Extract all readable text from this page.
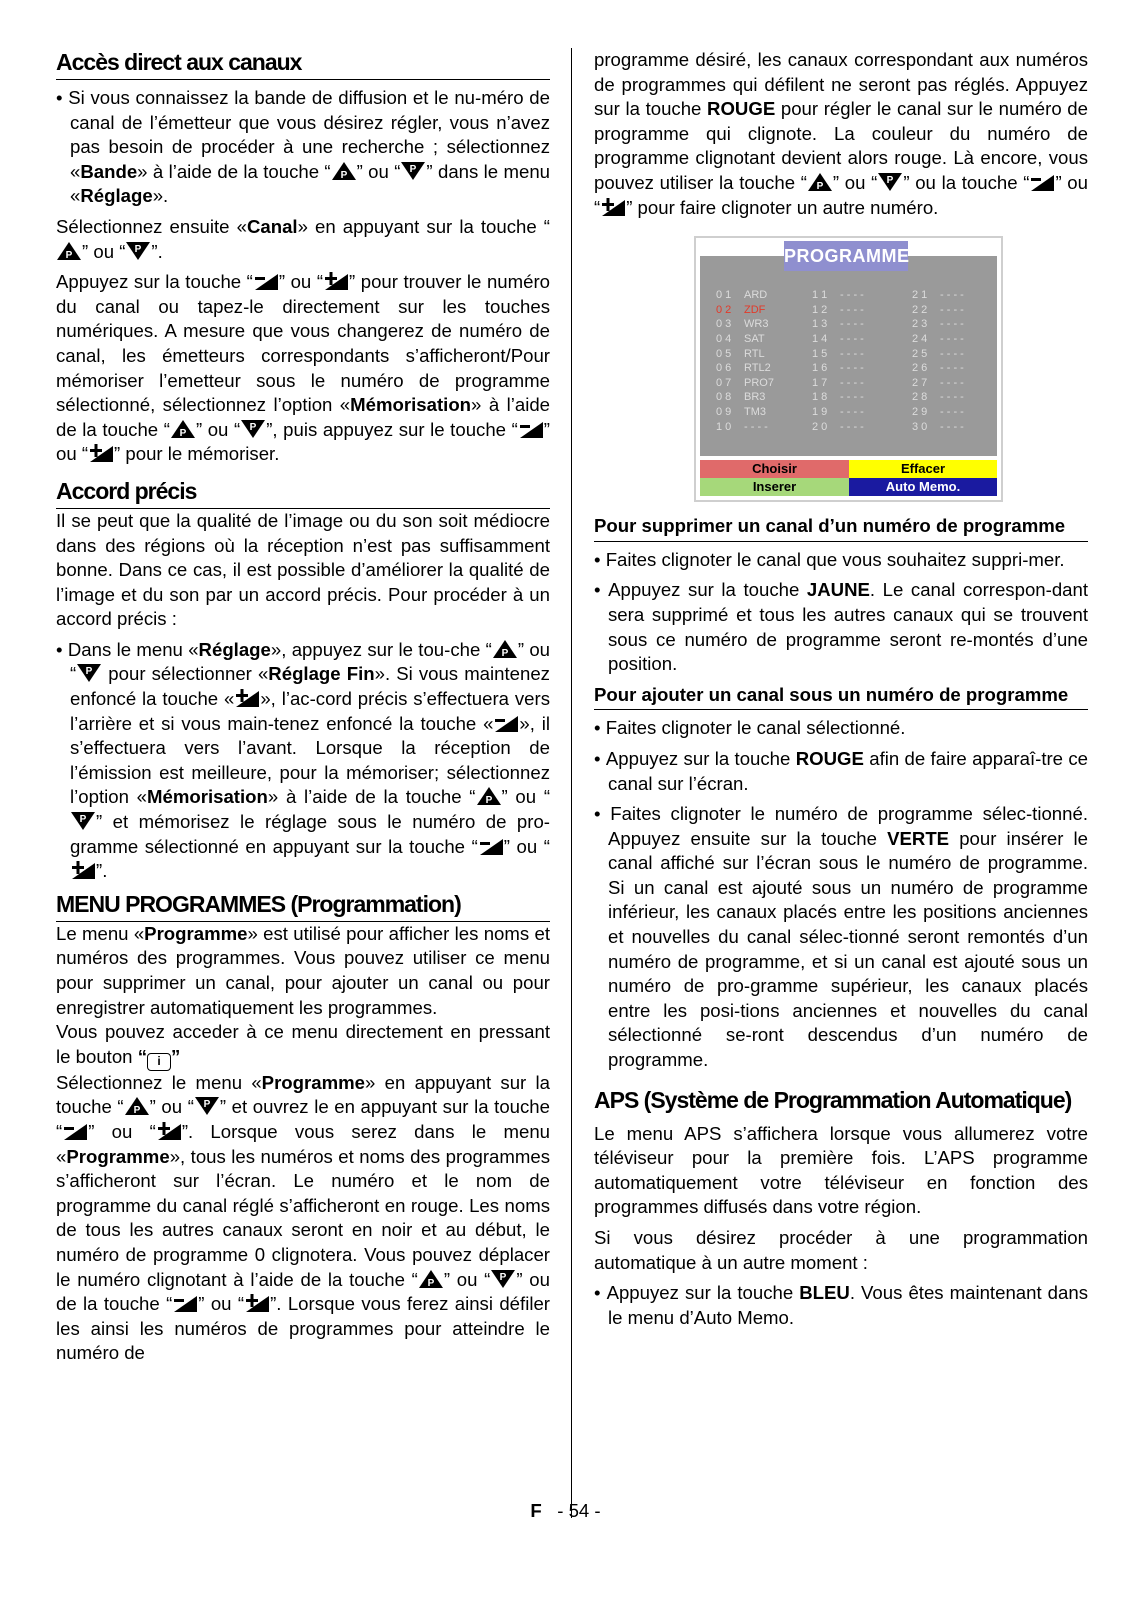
Accès direct aux canaux

• Si vous connaissez la bande de diffusion et le nu-méro de canal de l’émetteur que vous désirez régler, vous n’avez pas besoin de procéder à une recherche ; sélectionnez «Bande» à l’aide de la touche “ ” ou “ ” dans le menu «Réglage».

Sélectionnez ensuite «Canal» en appuyant sur la touche “
” ou “ ”.

Appuyez sur la touche “ ” ou “ ” pour trouver le numéro du canal ou tapez-le directement sur les touches numériques. A mesure que vous changerez de numéro de canal, les émetteurs correspondants s’afficheront/Pour mémoriser l’emetteur sous le numéro de programme sélectionné, sélectionnez l’option «Mémorisation» à l’aide de la touche “ ” ou “ ”, puis appuyez sur le touche “ ” ou “ ” pour le mémoriser.

Accord précis

Il se peut que la qualité de l’image ou du son soit médiocre dans des régions où la réception n’est pas suffisamment bonne. Dans ce cas, il est possible d’améliorer la qualité de l’image et du son par un accord précis. Pour procéder à un accord précis :

• Dans le menu «Réglage», appuyez sur le tou-che “ ” ou “
pour sélectionner «Réglage Fin». Si vous maintenez enfoncé la touche « », l’ac-cord précis s’effectuera vers l’arrière et si vous main-tenez enfoncé la touche « », il s’effectuera vers l’avant. Lorsque la réception de l’émission est meilleure, pour la mémoriser; sélectionnez l’option «Mémorisation» à l’aide de la touche “ ” ou “
” et mémorisez le réglage sous le numéro de pro-gramme sélectionné en appuyant sur la touche “ ” ou “
”.

MENU PROGRAMMES (Programmation)

Le menu «Programme» est utilisé pour afficher les noms et numéros des programmes. Vous pouvez utiliser ce menu pour supprimer un canal, pour ajouter un canal ou pour enregistrer automatiquement les programmes.

Vous pouvez acceder à ce menu directement en pressant le bouton “ i ”

Sélectionnez le menu «Programme» en appuyant sur la touche “ ” ou “ ” et ouvrez le en appuyant sur la touche “ ” ou “ ”. Lorsque vous serez dans le menu «Programme», tous les numéros et noms des programmes s’afficheront sur l’écran. Le numéro et le nom de programme du canal réglé s’afficheront en rouge. Les noms de tous les autres canaux seront en noir et au début, le numéro de programme 0 clignotera. Vous pouvez déplacer le numéro clignotant à l’aide de la touche “ ” ou “ ” ou de la touche “ ” ou “ ”. Lorsque vous ferez ainsi défiler les ainsi les numéros de programmes pour atteindre le numéro de

programme désiré, les canaux correspondant aux numéros de programmes qui défilent ne seront pas réglés. Appuyez sur la touche ROUGE pour régler le canal sur le numéro de programme qui clignote. La couleur du numéro de programme clignotant devient alors rouge. Là encore, vous pouvez utiliser la touche “ ” ou “ ” ou la touche “ ” ou “ ” pour faire clignoter un autre numéro.

PROGRAMME
0 1
0 2
0 3
0 4
0 5
0 6
0 7
0 8
0 9
1 0
ARD
ZDF
WR3
SAT
RTL
RTL2
PRO7
BR3
TM3
- - - -
1 1
1 2
1 3
1 4
1 5
1 6
1 7
1 8
1 9
2 0
- - - -
- - - -
- - - -
- - - -
- - - -
- - - -
- - - -
- - - -
- - - -
- - - -
2 1
2 2
2 3
2 4
2 5
2 6
2 7
2 8
2 9
3 0
- - - -
- - - -
- - - -
- - - -
- - - -
- - - -
- - - -
- - - -
- - - -
- - - -
Choisir	Effacer
Inserer	Auto Memo.
Pour supprimer un canal d’un numéro de programme

• Faites clignoter le canal que vous souhaitez suppri-mer.

• Appuyez sur la touche JAUNE. Le canal correspon-dant sera supprimé et tous les autres canaux qui se trouvent sous ce numéro de programme seront re-montés d’une position.

Pour ajouter un canal sous un numéro de programme

• Faites clignoter le canal sélectionné.

• Appuyez sur la touche ROUGE afin de faire apparaî-tre ce canal sur l’écran.

• Faites clignoter le numéro de programme sélec-tionné. Appuyez ensuite sur la touche VERTE pour insérer le canal affiché sur l’écran sous le numéro de programme. Si un canal est ajouté sous un numéro de programme inférieur, les canaux placés entre les positions anciennes et nouvelles du canal sélec-tionné seront remontés d’un numéro de programme, et si un canal est ajouté sous un numéro de pro-gramme supérieur, les canaux placés entre les posi-tions anciennes et nouvelles du canal sélectionné se-ront descendus d’un numéro de programme.

APS (Système de Programmation Automatique)

Le menu APS s’affichera lorsque vous allumerez votre téléviseur pour la première fois. L’APS programme automatiquement votre téléviseur en fonction des programmes diffusés dans votre région.

Si vous désirez procéder à une programmation automatique à un autre moment :

• Appuyez sur la touche BLEU. Vous êtes maintenant dans le menu d’Auto Memo.

F - 54 -
